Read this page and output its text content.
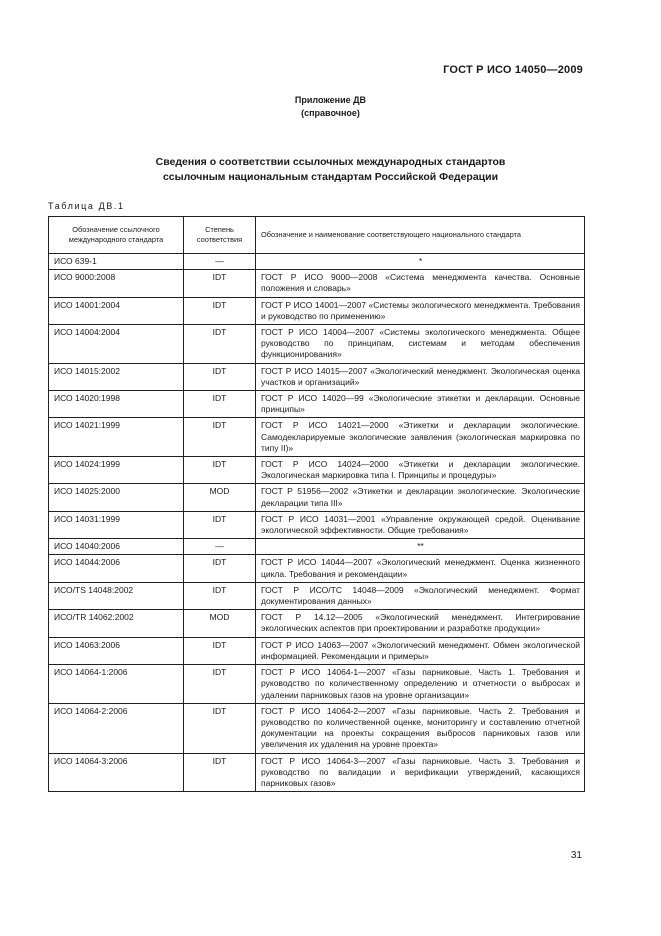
ГОСТ Р ИСО 14050—2009
Приложение ДВ
(справочное)
Сведения о соответствии ссылочных международных стандартов
ссылочным национальным стандартам Российской Федерации
Таблица ДВ.1
Обозначение ссылочного международного стандарта	Степень соответствия	Обозначение и наименование соответствующего национального стандарта
ИСО 639-1	—	*
ИСО 9000:2008	IDT	ГОСТ Р ИСО 9000—2008 «Система менеджмента качества. Основные положения и словарь»
ИСО 14001:2004	IDT	ГОСТ Р ИСО 14001—2007 «Системы экологического менеджмента. Требования и руководство по применению»
ИСО 14004:2004	IDT	ГОСТ Р ИСО 14004—2007 «Системы экологического менеджмента. Общее руководство по принципам, системам и методам обеспечения функционирования»
ИСО 14015:2002	IDT	ГОСТ Р ИСО 14015—2007 «Экологический менеджмент. Экологическая оценка участков и организаций»
ИСО 14020:1998	IDT	ГОСТ Р ИСО 14020—99 «Экологические этикетки и декларации. Основные принципы»
ИСО 14021:1999	IDT	ГОСТ Р ИСО 14021—2000 «Этикетки и декларации экологические. Самодекларируемые экологические заявления (экологическая маркировка по типу II)»
ИСО 14024:1999	IDT	ГОСТ Р ИСО 14024—2000 «Этикетки и декларации экологические. Экологическая маркировка типа I. Принципы и процедуры»
ИСО 14025:2000	MOD	ГОСТ Р 51956—2002 «Этикетки и декларации экологические. Экологические декларации типа III»
ИСО 14031:1999	IDT	ГОСТ Р ИСО 14031—2001 «Управление окружающей средой. Оценивание экологической эффективности. Общие требования»
ИСО 14040:2006	—	**
ИСО 14044:2006	IDT	ГОСТ Р ИСО 14044—2007 «Экологический менеджмент. Оценка жизненного цикла. Требования и рекомендации»
ИСО/TS 14048:2002	IDT	ГОСТ Р ИСО/ТС 14048—2009 «Экологический менеджмент. Формат документирования данных»
ИСО/TR 14062:2002	MOD	ГОСТ Р 14.12—2005 «Экологический менеджмент. Интегрирование экологических аспектов при проектировании и разработке продукции»
ИСО 14063:2006	IDT	ГОСТ Р ИСО 14063—2007 «Экологический менеджмент. Обмен экологической информацией. Рекомендации и примеры»
ИСО 14064-1:2006	IDT	ГОСТ Р ИСО 14064-1—2007 «Газы парниковые. Часть 1. Требования и руководство по количественному определению и отчетности о выбросах и удалении парниковых газов на уровне организации»
ИСО 14064-2:2006	IDT	ГОСТ Р ИСО 14064-2—2007 «Газы парниковые. Часть 2. Требования и руководство по количественной оценке, мониторингу и составлению отчетной документации на проекты сокращения выбросов парниковых газов или увеличения их удаления на уровне проекта»
ИСО 14064-3:2006	IDT	ГОСТ Р ИСО 14064-3—2007 «Газы парниковые. Часть 3. Требования и руководство по валидации и верификации утверждений, касающихся парниковых газов»
31
